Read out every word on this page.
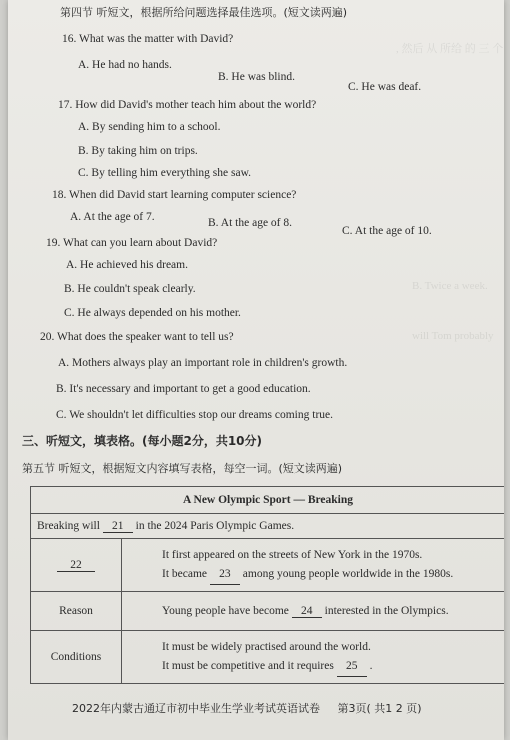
, 然后 从 所给 的 三 个
B. Twice a week.
will Tom probably
第四节 听短文，根据所给问题选择最佳选项。(短文读两遍)
16. What was the matter with David?
A. He had no hands.
B. He was blind.
C. He was deaf.
17. How did David's mother teach him about the world?
A. By sending him to a school.
B. By taking him on trips.
C. By telling him everything she saw.
18. When did David start learning computer science?
A. At the age of 7.	B. At the age of 8.
C. At the age of 10.
19. What can you learn about David?
A. He achieved his dream.
B. He couldn't speak clearly.
C. He always depended on his mother.
20. What does the speaker want to tell us?
A. Mothers always play an important role in children's growth.
B. It's necessary and important to get a good education.
C. We shouldn't let difficulties stop our dreams coming true.
三、听短文，填表格。(每小题2分，共10分)
第五节 听短文，根据短文内容填写表格，每空一词。(短文读两遍)
A New Olympic Sport — Breaking	
Breaking will 21 in the 2024 Paris Olympic Games.	
22	It first appeared on the streets of New York in the 1970s.
It became 23 among young people worldwide in the 1980s.

Reason	Young people have become 24 interested in the Olympics.
Conditions	It must be widely practised around the world.
It must be competitive and it requires 25 .
2022年内蒙古通辽市初中毕业生学业考试英语试卷 第3页( 共1 2 页)
